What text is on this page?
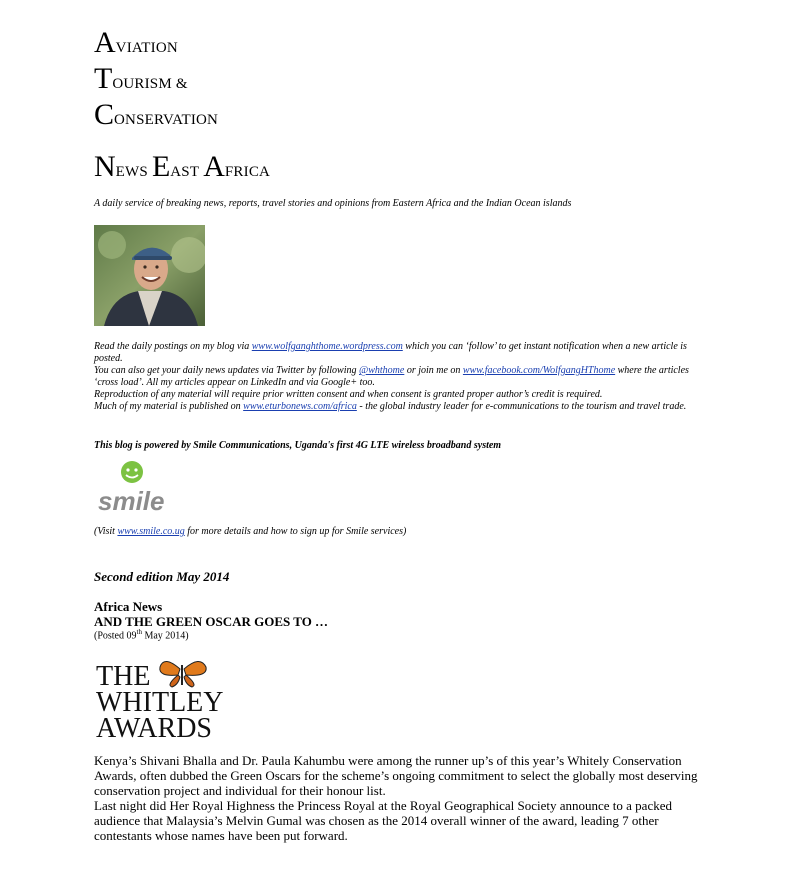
AVIATION
TOURISM &
CONSERVATION
NEWS EAST AFRICA
A daily service of breaking news, reports, travel stories and opinions from Eastern Africa and the Indian Ocean islands
Read the daily postings on my blog via www.wolfganghthome.wordpress.com which you can ‘follow’ to get instant notification when a new article is posted.
You can also get your daily news updates via Twitter by following @whthome or join me on www.facebook.com/WolfgangHThome where the articles ‘cross load’. All my articles appear on LinkedIn and via Google+ too.
Reproduction of any material will require prior written consent and when consent is granted proper author’s credit is required.
Much of my material is published on www.eturbonews.com/africa - the global industry leader for e-communications to the tourism and travel trade.
This blog is powered by Smile Communications, Uganda's first 4G LTE wireless broadband system
smile
(Visit www.smile.co.ug for more details and how to sign up for Smile services)
Second edition May 2014
Africa News
AND THE GREEN OSCAR GOES TO …
(Posted 09th May 2014)
THE
WHITLEY
AWARDS

Kenya’s Shivani Bhalla and Dr. Paula Kahumbu were among the runner up’s of this year’s Whitely Conservation Awards, often dubbed the Green Oscars for the scheme’s ongoing commitment to select the globally most deserving conservation project and individual for their honour list.

Last night did Her Royal Highness the Princess Royal at the Royal Geographical Society announce to a packed audience that Malaysia’s Melvin Gumal was chosen as the 2014 overall winner of the award, leading 7 other contestants whose names have been put forward.
